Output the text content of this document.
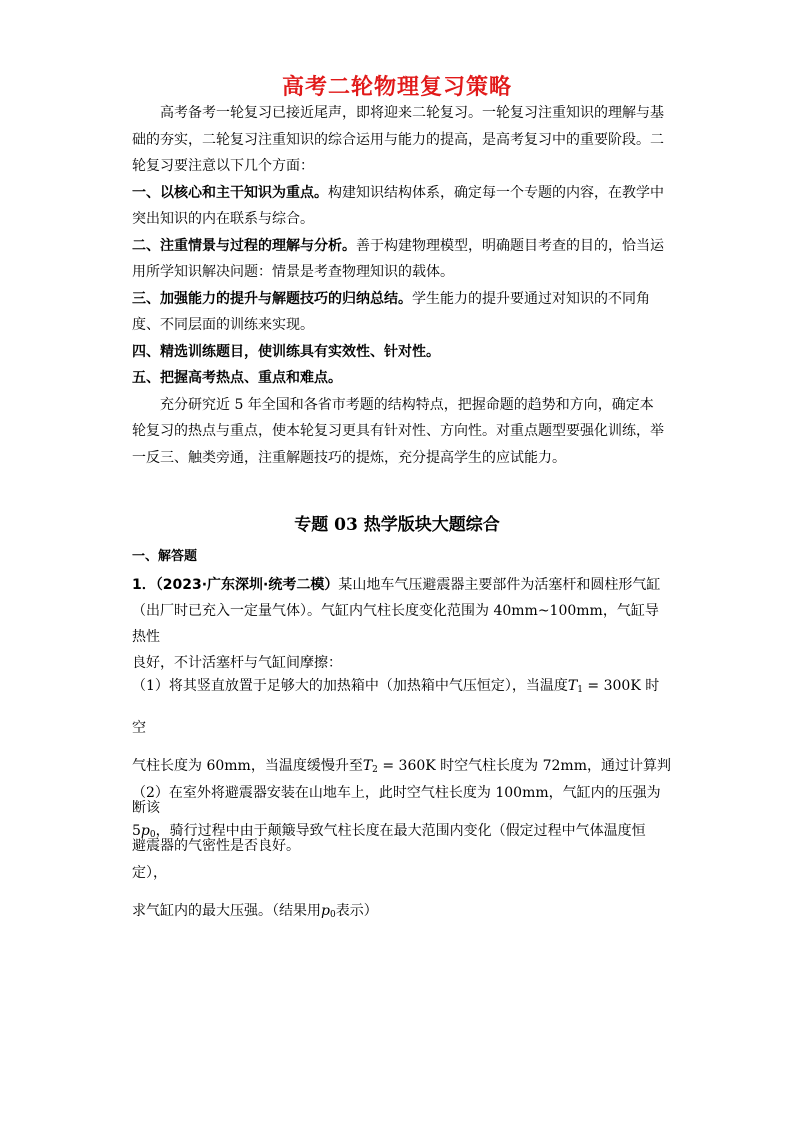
高考二轮物理复习策略

高考备考一轮复习已接近尾声，即将迎来二轮复习。一轮复习注重知识的理解与基础的夯实，二轮复习注重知识的综合运用与能力的提高，是高考复习中的重要阶段。二轮复习要注意以下几个方面：

一、以核心和主干知识为重点。构建知识结构体系，确定每一个专题的内容，在教学中突出知识的内在联系与综合。

二、注重情景与过程的理解与分析。善于构建物理模型，明确题目考查的目的，恰当运用所学知识解决问题：情景是考查物理知识的载体。

三、加强能力的提升与解题技巧的归纳总结。学生能力的提升要通过对知识的不同角度、不同层面的训练来实现。

四、精选训练题目，使训练具有实效性、针对性。

五、把握高考热点、重点和难点。

充分研究近 5 年全国和各省市考题的结构特点，把握命题的趋势和方向，确定本轮复习的热点与重点，使本轮复习更具有针对性、方向性。对重点题型要强化训练，举一反三、触类旁通，注重解题技巧的提炼，充分提高学生的应试能力。

专题 03 热学版块大题综合
一、解答题
1．（2023·广东深圳·统考二模）某山地车气压避震器主要部件为活塞杆和圆柱形气缸
（出厂时已充入一定量气体）。气缸内气柱长度变化范围为 40mm~100mm，气缸导热性
良好，不计活塞杆与气缸间摩擦：
（1）将其竖直放置于足够大的加热箱中（加热箱中气压恒定），当温度T1 = 300K 时空
气柱长度为 60mm，当温度缓慢升至T2 = 360K 时空气柱长度为 72mm，通过计算判断该
避震器的气密性是否良好。
（2）在室外将避震器安装在山地车上，此时空气柱长度为 100mm，气缸内的压强为
5p0，骑行过程中由于颠簸导致气柱长度在最大范围内变化（假定过程中气体温度恒定），
求气缸内的最大压强。（结果用p0表示）
